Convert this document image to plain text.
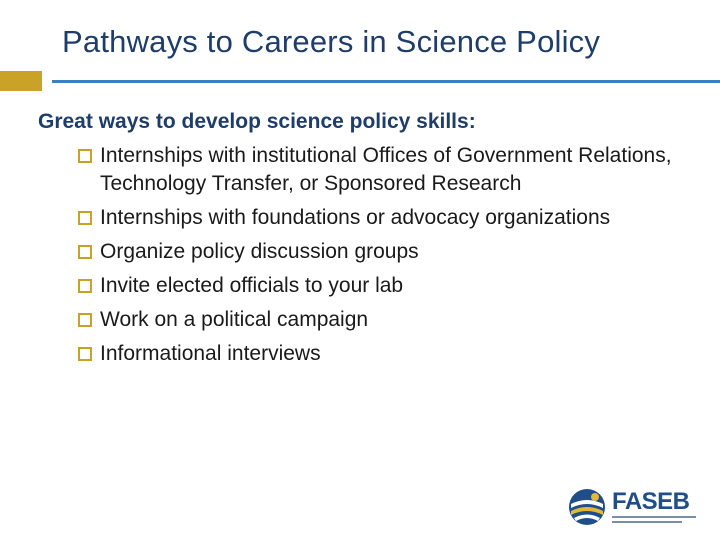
Pathways to Careers in Science Policy
Great ways to develop science policy skills:
Internships with institutional Offices of Government Relations, Technology Transfer, or Sponsored Research
Internships with foundations or advocacy organizations
Organize policy discussion groups
Invite elected officials to your lab
Work on a political campaign
Informational interviews
FASEB
